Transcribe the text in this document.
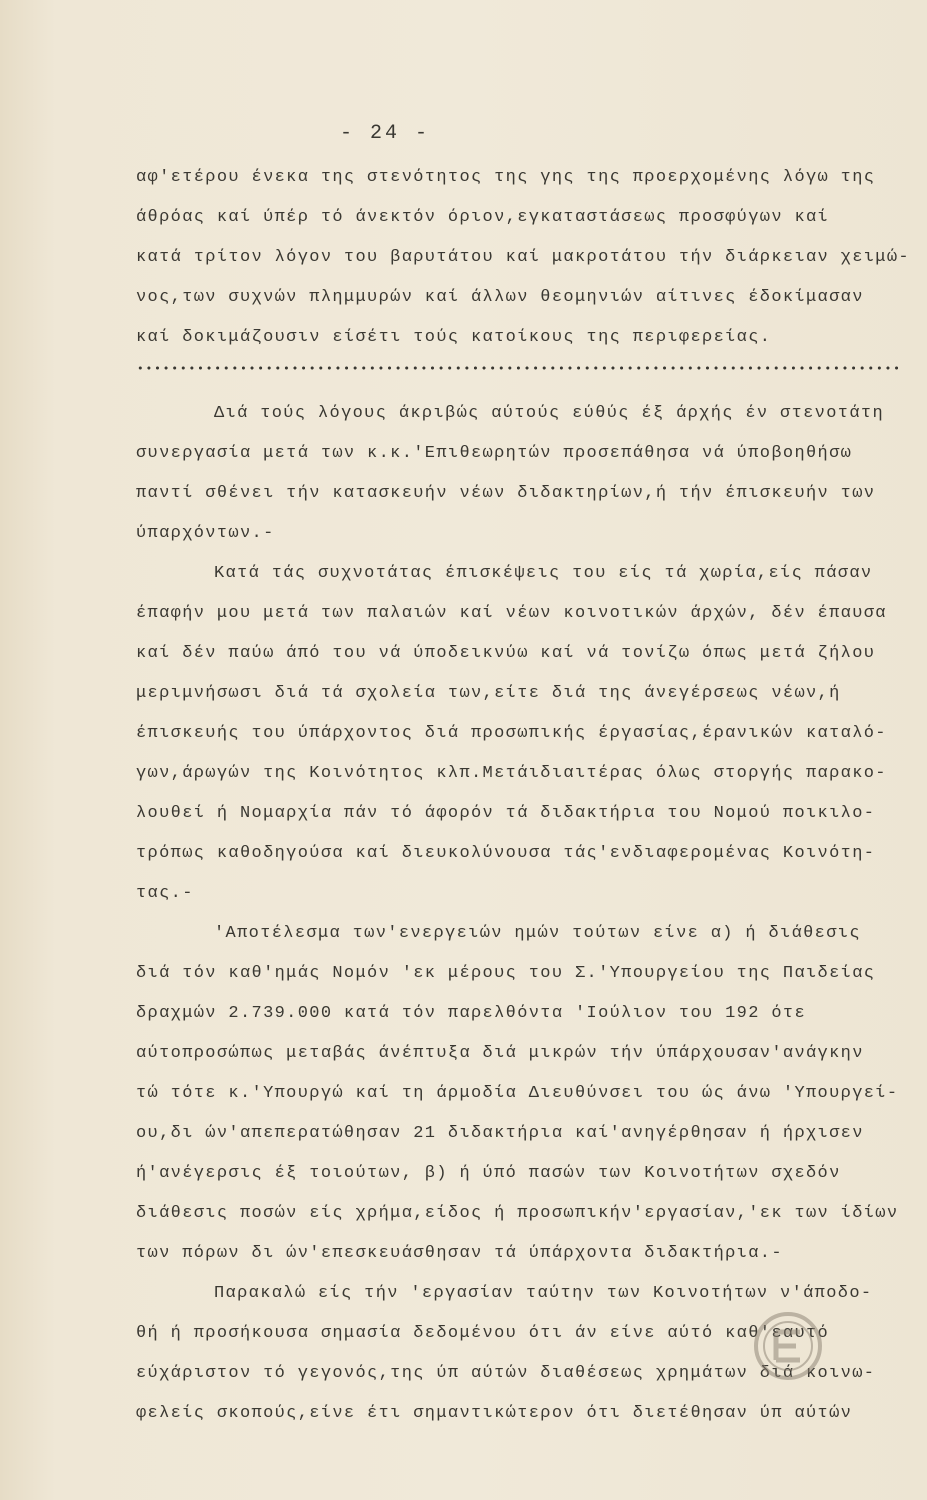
- 24 -
αφ'ετέρου ένεκα της στενότητος της γης της προερχομένης λόγω της
άθρόας καί ύπέρ τό άνεκτόν όριον,εγκαταστάσεως προσφύγων καί
κατά τρίτον λόγον του βαρυτάτου καί μακροτάτου τήν διάρκειαν χειμώ-
νος,των συχνών πλημμυρών καί άλλων θεομηνιών αίτινες έδοκίμασαν
καί δοκιμάζουσιν είσέτι τούς κατοίκους της περιφερείας.
Διά τούς λόγους άκριβώς αύτούς εύθύς έξ άρχής έν στενοτάτη
συνεργασία μετά των κ.κ.'Επιθεωρητών προσεπάθησα νά ύποβοηθήσω
παντί σθένει τήν κατασκευήν νέων διδακτηρίων,ή τήν έπισκευήν των
ύπαρχόντων.-
Κατά τάς συχνοτάτας έπισκέψεις του είς τά χωρία,είς πάσαν
έπαφήν μου μετά των παλαιών καί νέων κοινοτικών άρχών, δέν έπαυσα
καί δέν παύω άπό του νά ύποδεικνύω καί νά τονίζω όπως μετά ζήλου
μεριμνήσωσι διά τά σχολεία των,είτε διά της άνεγέρσεως νέων,ή
έπισκευής του ύπάρχοντος διά προσωπικής έργασίας,έρανικών καταλό-
γων,άρωγών της Κοινότητος κλπ.Μετάιδιαιτέρας όλως στοργής παρακο-
λουθεί ή Νομαρχία πάν τό άφορόν τά διδακτήρια του Νομού ποικιλο-
τρόπως καθοδηγούσα καί διευκολύνουσα τάς'ενδιαφερομένας Κοινότη-
τας.-
'Αποτέλεσμα των'ενεργειών ημών τούτων είνε α) ή διάθεσις
διά τόν καθ'ημάς Νομόν 'εκ μέρους του Σ.'Υπουργείου της Παιδείας
δραχμών 2.739.000 κατά τόν παρελθόντα 'Ιούλιον του 192 ότε
αύτοπροσώπως μεταβάς άνέπτυξα διά μικρών τήν ύπάρχουσαν'ανάγκην
τώ τότε κ.'Υπουργώ καί τη άρμοδία Διευθύνσει του ώς άνω 'Υπουργεί-
ου,δι ών'απεπερατώθησαν 21 διδακτήρια καί'ανηγέρθησαν ή ήρχισεν
ή'ανέγερσις έξ τοιούτων, β) ή ύπό πασών των Κοινοτήτων σχεδόν
διάθεσις ποσών είς χρήμα,είδος ή προσωπικήν'εργασίαν,'εκ των ίδίων
των πόρων δι ών'επεσκευάσθησαν τά ύπάρχοντα διδακτήρια.-
Παρακαλώ είς τήν 'εργασίαν ταύτην των Κοινοτήτων ν'άποδο-
θή ή προσήκουσα σημασία δεδομένου ότι άν είνε αύτό καθ'εαυτό
εύχάριστον τό γεγονός,της ύπ αύτών διαθέσεως χρημάτων διά κοινω-
φελείς σκοπούς,είνε έτι σημαντικώτερον ότι διετέθησαν ύπ αύτών
